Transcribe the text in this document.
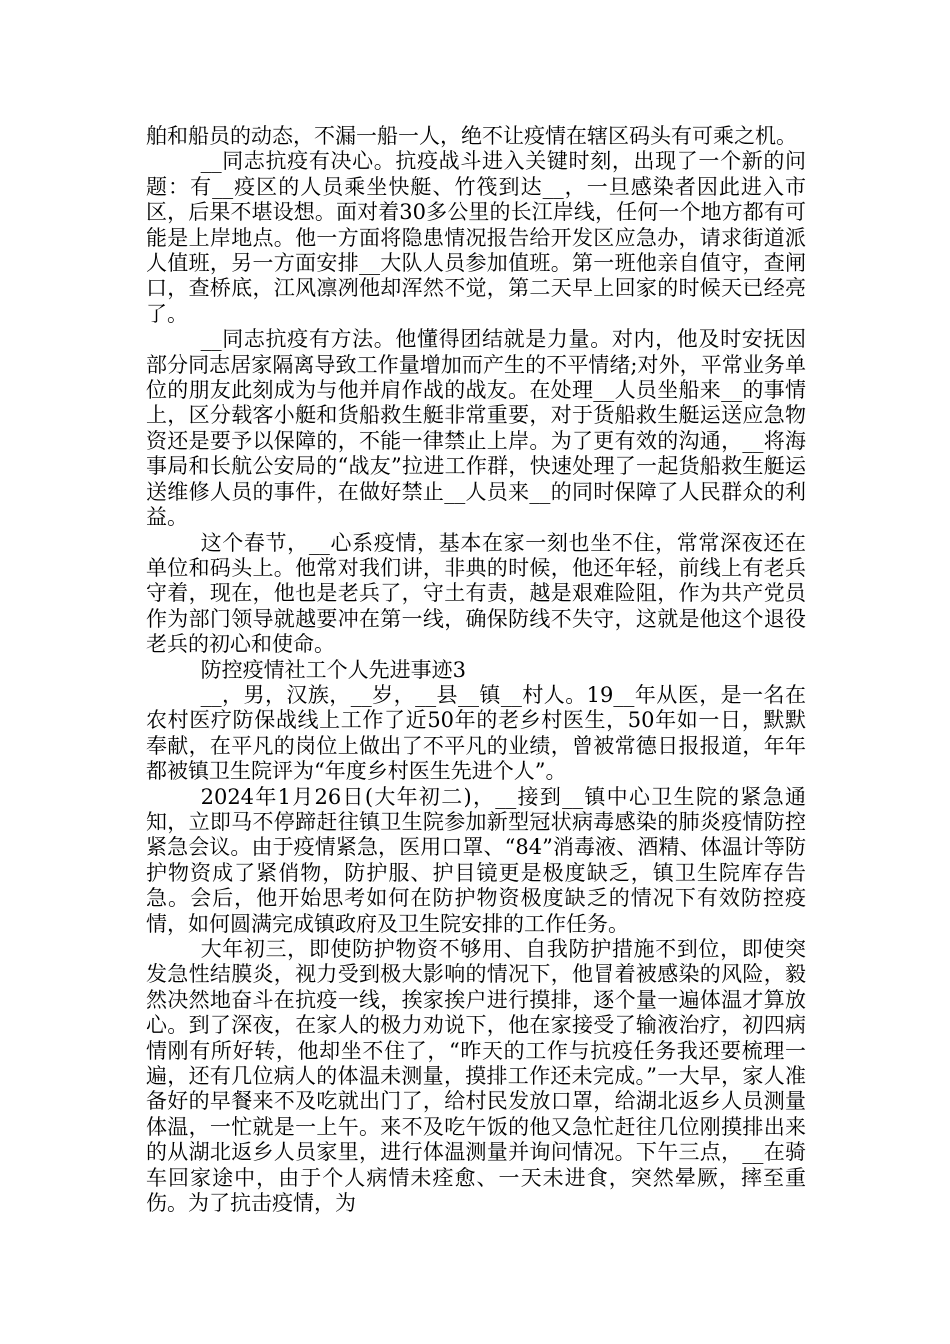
舶和船员的动态，不漏一船一人，绝不让疫情在辖区码头有可乘之机。

__同志抗疫有决心。抗疫战斗进入关键时刻，出现了一个新的问题：有__疫区的人员乘坐快艇、竹筏到达__，一旦感染者因此进入市区，后果不堪设想。面对着30多公里的长江岸线，任何一个地方都有可能是上岸地点。他一方面将隐患情况报告给开发区应急办，请求街道派人值班，另一方面安排__大队人员参加值班。第一班他亲自值守，查闸口，查桥底，江风凛冽他却浑然不觉，第二天早上回家的时候天已经亮了。

__同志抗疫有方法。他懂得团结就是力量。对内，他及时安抚因部分同志居家隔离导致工作量增加而产生的不平情绪;对外，平常业务单位的朋友此刻成为与他并肩作战的战友。在处理__人员坐船来__的事情上，区分载客小艇和货船救生艇非常重要，对于货船救生艇运送应急物资还是要予以保障的，不能一律禁止上岸。为了更有效的沟通，__将海事局和长航公安局的“战友”拉进工作群，快速处理了一起货船救生艇运送维修人员的事件，在做好禁止__人员来__的同时保障了人民群众的利益。

这个春节，__心系疫情，基本在家一刻也坐不住，常常深夜还在单位和码头上。他常对我们讲，非典的时候，他还年轻，前线上有老兵守着，现在，他也是老兵了，守土有责，越是艰难险阻，作为共产党员作为部门领导就越要冲在第一线，确保防线不失守，这就是他这个退役老兵的初心和使命。

防控疫情社工个人先进事迹3

__，男，汉族，__岁，__县__镇__村人。19__年从医，是一名在农村医疗防保战线上工作了近50年的老乡村医生，50年如一日，默默奉献，在平凡的岗位上做出了不平凡的业绩，曾被常德日报报道，年年都被镇卫生院评为“年度乡村医生先进个人”。

2024年1月26日(大年初二)，__接到__镇中心卫生院的紧急通知，立即马不停蹄赶往镇卫生院参加新型冠状病毒感染的肺炎疫情防控紧急会议。由于疫情紧急，医用口罩、“84”消毒液、酒精、体温计等防护物资成了紧俏物，防护服、护目镜更是极度缺乏，镇卫生院库存告急。会后，他开始思考如何在防护物资极度缺乏的情况下有效防控疫情，如何圆满完成镇政府及卫生院安排的工作任务。

大年初三，即使防护物资不够用、自我防护措施不到位，即使突发急性结膜炎，视力受到极大影响的情况下，他冒着被感染的风险，毅然决然地奋斗在抗疫一线，挨家挨户进行摸排，逐个量一遍体温才算放心。到了深夜，在家人的极力劝说下，他在家接受了输液治疗，初四病情刚有所好转，他却坐不住了，“昨天的工作与抗疫任务我还要梳理一遍，还有几位病人的体温未测量，摸排工作还未完成。”一大早，家人准备好的早餐来不及吃就出门了，给村民发放口罩，给湖北返乡人员测量体温，一忙就是一上午。来不及吃午饭的他又急忙赶往几位刚摸排出来的从湖北返乡人员家里，进行体温测量并询问情况。下午三点，__在骑车回家途中，由于个人病情未痊愈、一天未进食，突然晕厥，摔至重伤。为了抗击疫情，为
